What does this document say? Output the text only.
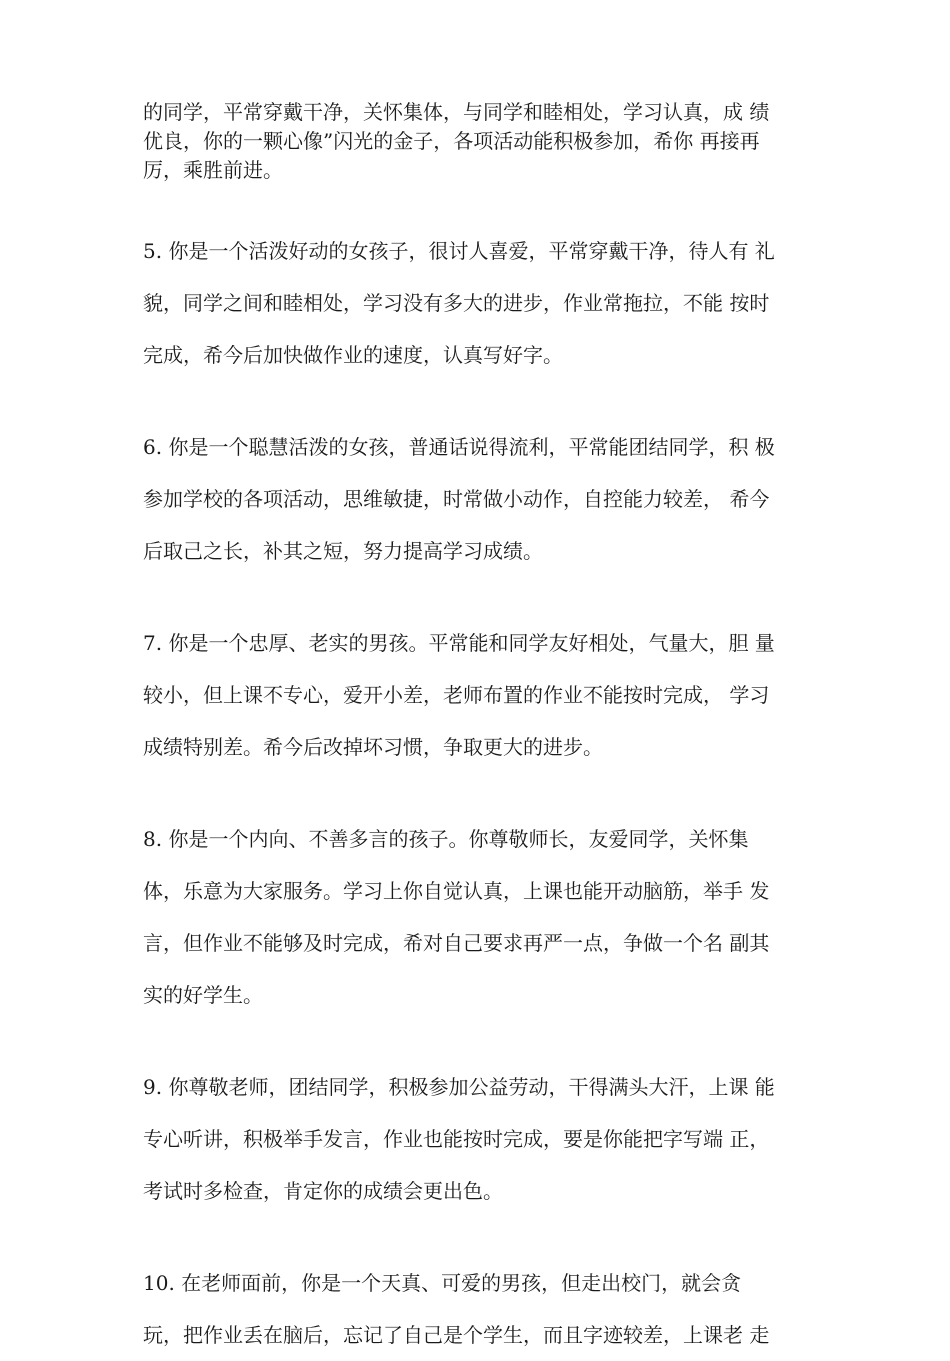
的同学，平常穿戴干净，关怀集体，与同学和睦相处，学习认真，成 绩

优良，你的一颗心像”闪光的金子，各项活动能积极参加，希你 再接再

厉，乘胜前进。

5. 你是一个活泼好动的女孩子，很讨人喜爱，平常穿戴干净，待人有 礼

貌，同学之间和睦相处，学习没有多大的进步，作业常拖拉，不能 按时

完成，希今后加快做作业的速度，认真写好字。

6. 你是一个聪慧活泼的女孩，普通话说得流利，平常能团结同学，积 极

参加学校的各项活动，思维敏捷，时常做小动作，自控能力较差， 希今

后取己之长，补其之短，努力提高学习成绩。

7. 你是一个忠厚、老实的男孩。平常能和同学友好相处，气量大，胆 量

较小，但上课不专心，爱开小差，老师布置的作业不能按时完成， 学习

成绩特别差。希今后改掉坏习惯，争取更大的进步。

8. 你是一个内向、不善多言的孩子。你尊敬师长，友爱同学，关怀集

体，乐意为大家服务。学习上你自觉认真，上课也能开动脑筋，举手 发

言，但作业不能够及时完成，希对自己要求再严一点，争做一个名 副其

实的好学生。

9. 你尊敬老师，团结同学，积极参加公益劳动，干得满头大汗，上课 能

专心听讲，积极举手发言，作业也能按时完成，要是你能把字写端 正，

考试时多检查，肯定你的成绩会更出色。

10. 在老师面前，你是一个天真、可爱的男孩，但走出校门，就会贪

玩，把作业丢在脑后，忘记了自己是个学生，而且字迹较差，上课老 走
